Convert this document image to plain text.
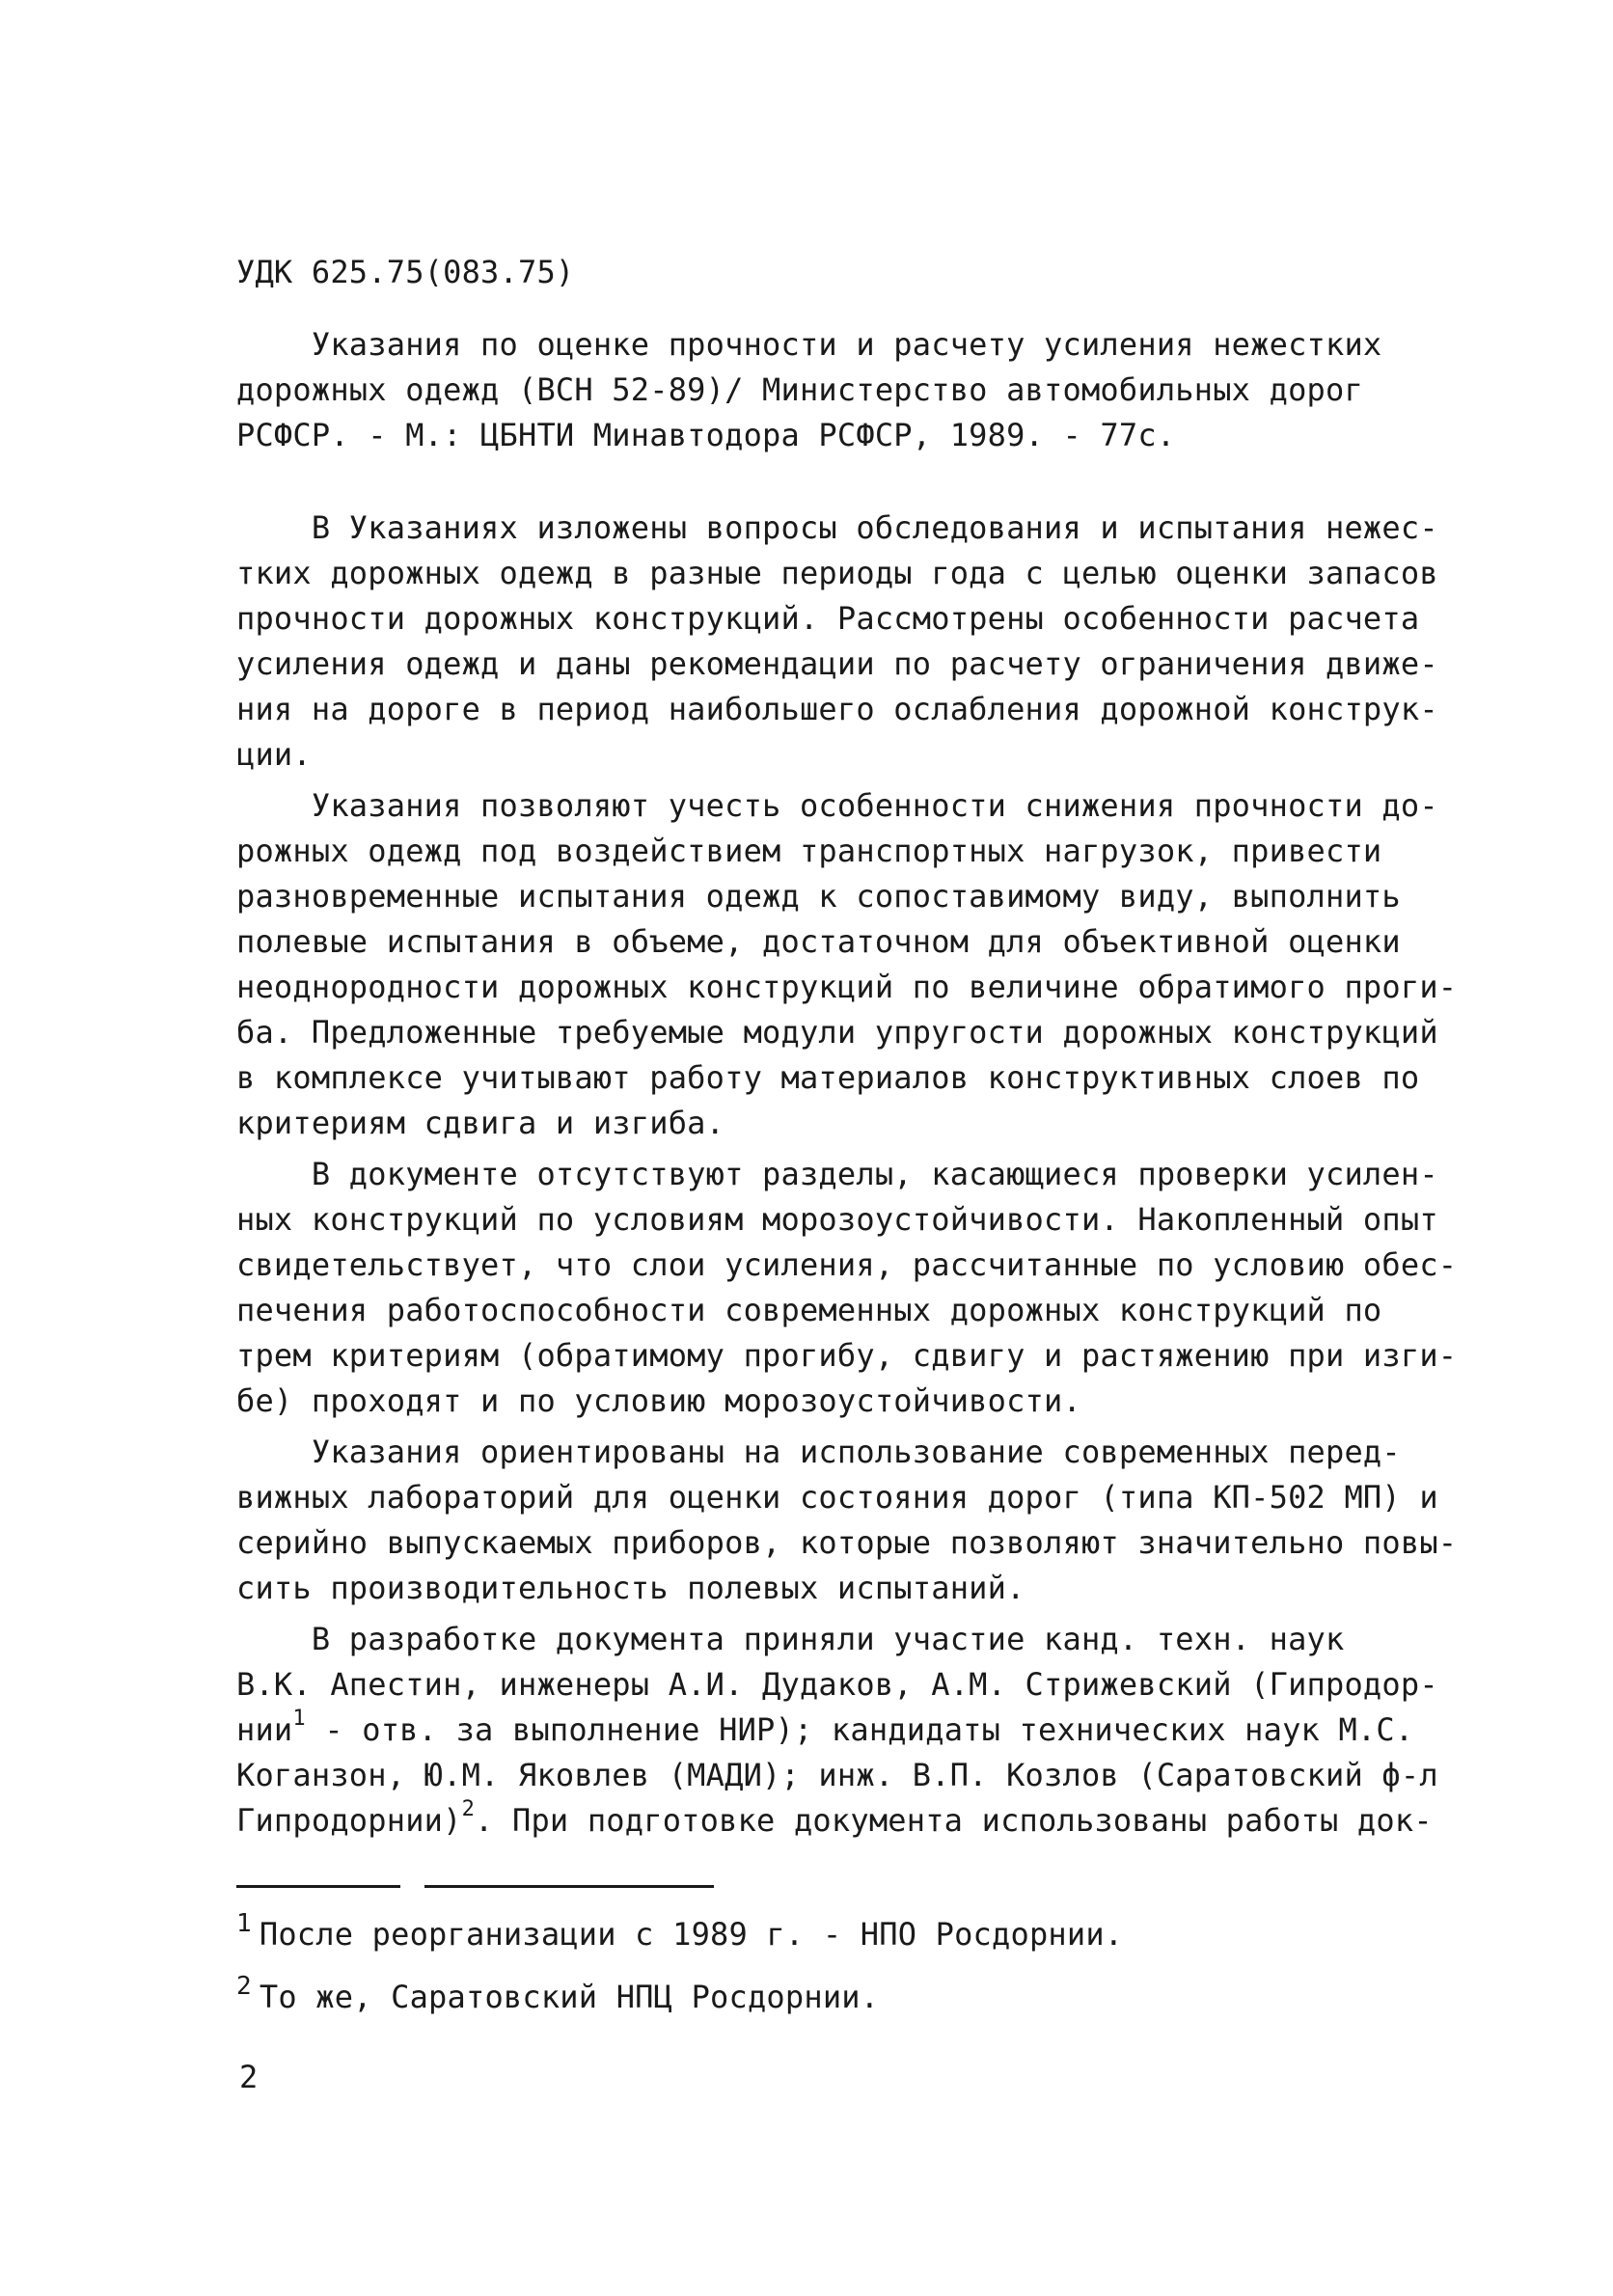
УДК 625.75(083.75)
Указания по оценке прочности и расчету усиления нежестких
дорожных одежд (ВСН 52-89)/ Министерство автомобильных дорог
РСФСР. - М.: ЦБНТИ Минавтодора РСФСР, 1989. - 77с.
В Указаниях изложены вопросы обследования и испытания нежес-
тких дорожных одежд в разные периоды года с целью оценки запасов
прочности дорожных конструкций. Рассмотрены особенности расчета
усиления одежд и даны рекомендации по расчету ограничения движе-
ния на дороге в период наибольшего ослабления дорожной конструк-
ции.
Указания позволяют учесть особенности снижения прочности до-
рожных одежд под воздействием транспортных нагрузок, привести
разновременные испытания одежд к сопоставимому виду, выполнить
полевые испытания в объеме, достаточном для объективной оценки
неоднородности дорожных конструкций по величине обратимого проги-
ба. Предложенные требуемые модули упругости дорожных конструкций
в комплексе учитывают работу материалов конструктивных слоев по
критериям сдвига и изгиба.
В документе отсутствуют разделы, касающиеся проверки усилен-
ных конструкций по условиям морозоустойчивости. Накопленный опыт
свидетельствует, что слои усиления, рассчитанные по условию обес-
печения работоспособности современных дорожных конструкций по
трем критериям (обратимому прогибу, сдвигу и растяжению при изги-
бе) проходят и по условию морозоустойчивости.
Указания ориентированы на использование современных перед-
вижных лабораторий для оценки состояния дорог (типа КП-502 МП) и
серийно выпускаемых приборов, которые позволяют значительно повы-
сить производительность полевых испытаний.
В разработке документа приняли участие канд. техн. наук
В.К. Апестин, инженеры А.И. Дудаков, А.М. Стрижевский (Гипродор-
нии$^1$ - отв. за выполнение НИР); кандидаты технических наук М.С.
Коганзон, Ю.М. Яковлев (МАДИ); инж. В.П. Козлов (Саратовский ф-л
Гипродорнии)$^2$. При подготовке документа использованы работы док-
$^1$ После реорганизации с 1989 г. - НПО Росдорнии.
$^2$ То же, Саратовский НПЦ Росдорнии.
2
